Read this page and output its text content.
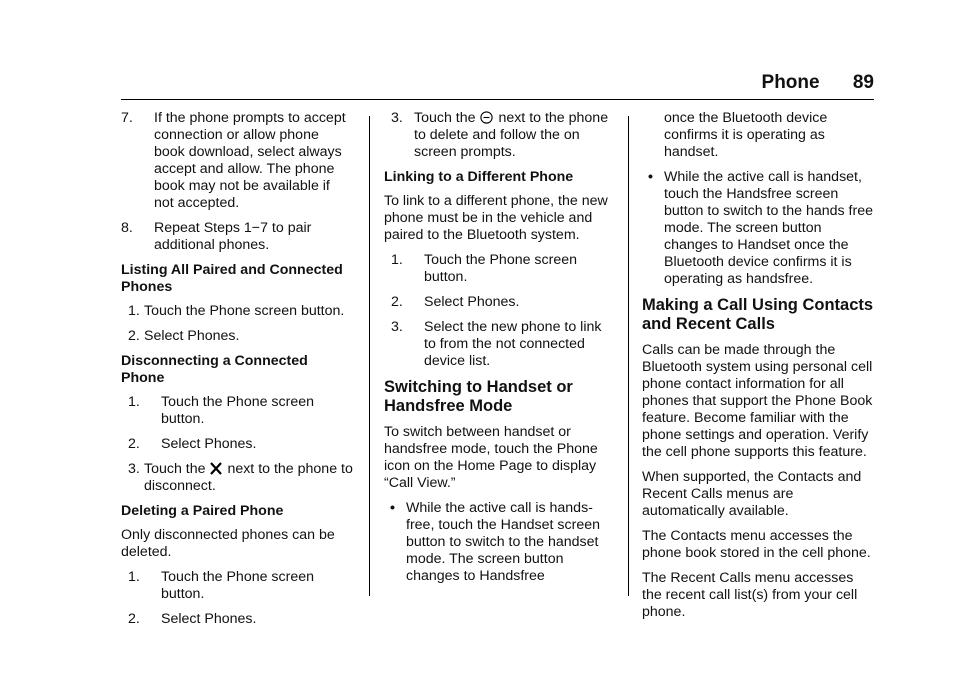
Phone 89
7. If the phone prompts to accept connection or allow phone book download, select always accept and allow. The phone book may not be available if not accepted.
8. Repeat Steps 1−7 to pair additional phones.
Listing All Paired and Connected Phones
1. Touch the Phone screen button.
2. Select Phones.
Disconnecting a Connected Phone
1. Touch the Phone screen button.
2. Select Phones.
3. Touch the next to the phone to disconnect.
Deleting a Paired Phone
Only disconnected phones can be deleted.
1. Touch the Phone screen button.
2. Select Phones.
3. Touch the next to the phone to delete and follow the on screen prompts.
Linking to a Different Phone
To link to a different phone, the new phone must be in the vehicle and paired to the Bluetooth system.
1. Touch the Phone screen button.
2. Select Phones.
3. Select the new phone to link to from the not connected device list.
Switching to Handset or Handsfree Mode
To switch between handset or handsfree mode, touch the Phone icon on the Home Page to display “Call View.”
• While the active call is hands-free, touch the Handset screen button to switch to the handset mode. The screen button changes to Handsfree
once the Bluetooth device confirms it is operating as handset.
• While the active call is handset, touch the Handsfree screen button to switch to the hands free mode. The screen button changes to Handset once the Bluetooth device confirms it is operating as handsfree.
Making a Call Using Contacts and Recent Calls
Calls can be made through the Bluetooth system using personal cell phone contact information for all phones that support the Phone Book feature. Become familiar with the phone settings and operation. Verify the cell phone supports this feature.
When supported, the Contacts and Recent Calls menus are automatically available.
The Contacts menu accesses the phone book stored in the cell phone.
The Recent Calls menu accesses the recent call list(s) from your cell phone.
